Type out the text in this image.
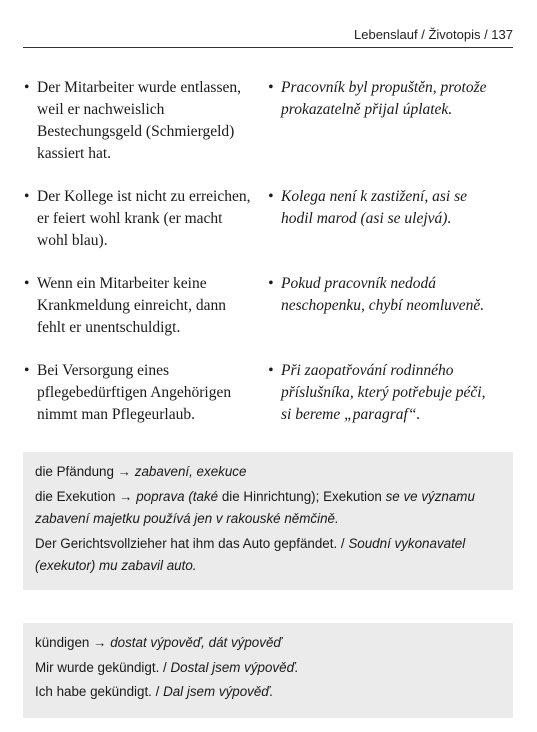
Lebenslauf / Životopis / 137
• Der Mitarbeiter wurde entlassen, weil er nachweislich Bestechungsgeld (Schmiergeld) kassiert hat.
• Pracovník byl propuštěn, protože prokazatelně přijal úplatek.
• Der Kollege ist nicht zu erreichen, er feiert wohl krank (er macht wohl blau).
• Kolega není k zastižení, asi se hodil marod (asi se ulejvá).
• Wenn ein Mitarbeiter keine Krankmeldung einreicht, dann fehlt er unentschuldigt.
• Pokud pracovník nedodá neschopenku, chybí neomluveně.
• Bei Versorgung eines pflegebedürftigen Angehörigen nimmt man Pflegeurlaub.
• Při zaopatřování rodinného příslušníka, který potřebuje péči, si bereme „paragraf“.

die Pfändung → zabavení, exekuce

die Exekution → poprava (také die Hinrichtung); Exekution se ve významu zabavení majetku používá jen v rakouské němčině.

Der Gerichtsvollzieher hat ihm das Auto gepfändet. / Soudní vykonavatel (exekutor) mu zabavil auto.

kündigen → dostat výpověď, dát výpověď

Mir wurde gekündigt. / Dostal jsem výpověď.

Ich habe gekündigt. / Dal jsem výpověď.
